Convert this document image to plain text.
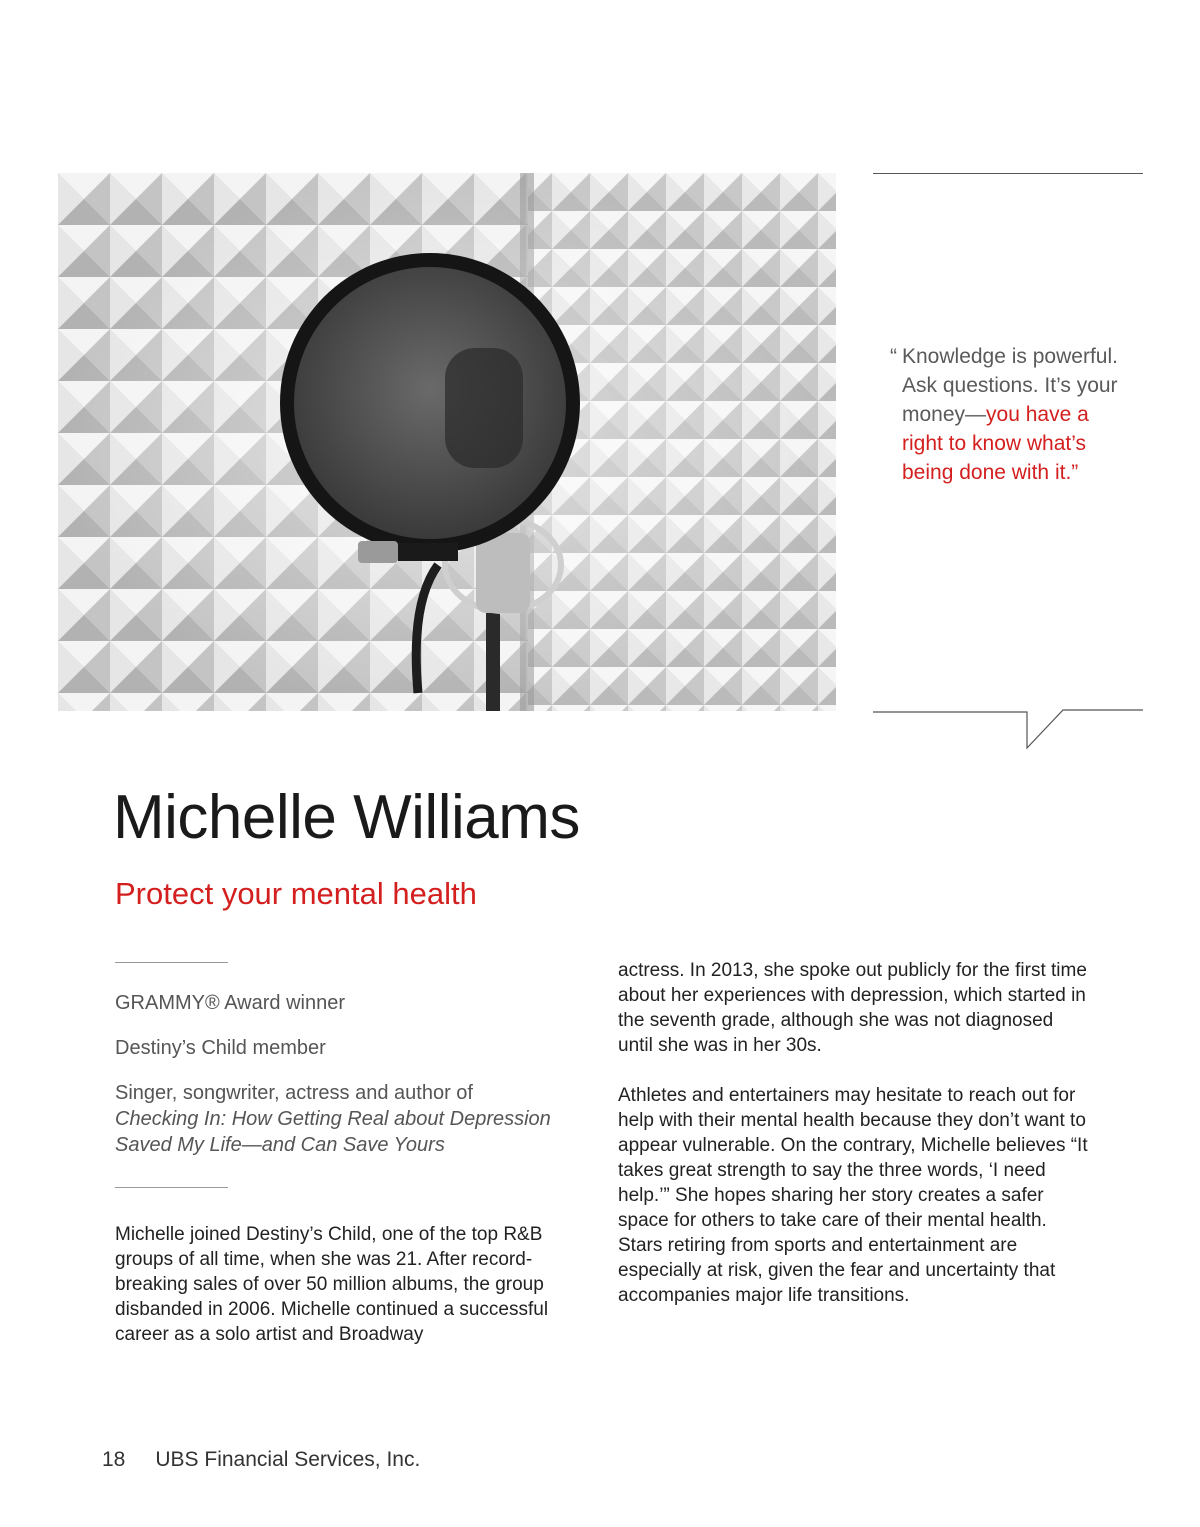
“ Knowledge is powerful. Ask questions. It’s your money—you have a right to know what’s being done with it.”
Michelle Williams
Protect your mental health

GRAMMY® Award winner

Destiny’s Child member

Singer, songwriter, actress and author of
Checking In: How Getting Real about Depression Saved My Life—and Can Save Yours

Michelle joined Destiny’s Child, one of the top R&B groups of all time, when she was 21. After record-breaking sales of over 50 million albums, the group disbanded in 2006. Michelle continued a successful career as a solo artist and Broadway

actress. In 2013, she spoke out publicly for the first time about her experiences with depression, which started in the seventh grade, although she was not diagnosed until she was in her 30s.

Athletes and entertainers may hesitate to reach out for help with their mental health because they don’t want to appear vulnerable. On the contrary, Michelle believes “It takes great strength to say the three words, ‘I need help.’” She hopes sharing her story creates a safer space for others to take care of their mental health. Stars retiring from sports and entertainment are especially at risk, given the fear and uncertainty that accompanies major life transitions.

18 UBS Financial Services, Inc.
